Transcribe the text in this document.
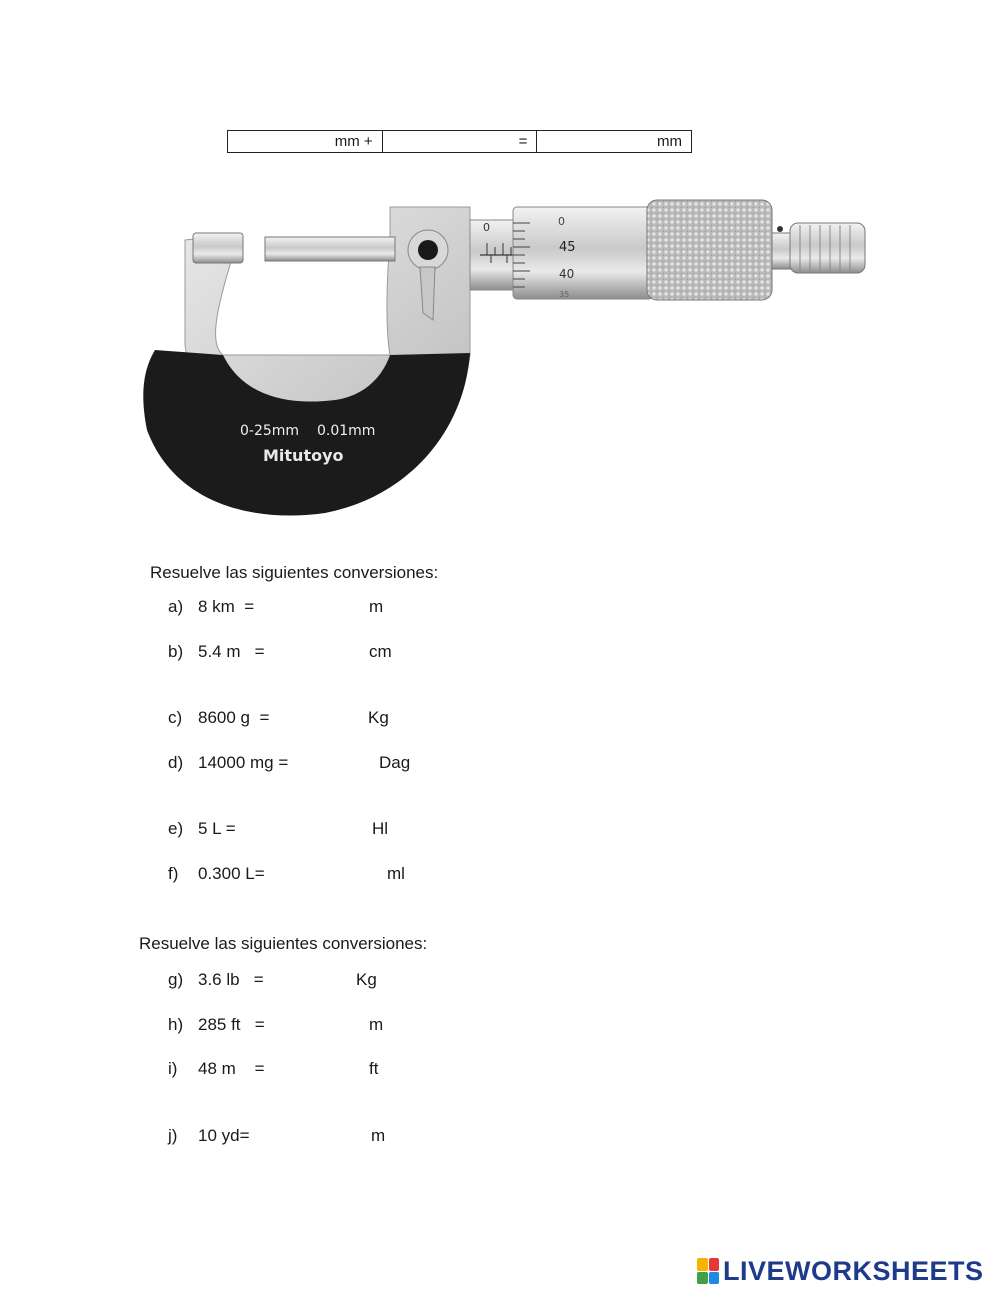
mm +	=	mm
0	0
45
40
35
0-25mm 0.01mm
Mitutoyo
Resuelve las siguientes conversiones:
a) 8 km  =	m
b) 5.4 m   =	cm
c) 8600 g  =	Kg
d) 14000 mg =	Dag
e) 5 L =	Hl
f) 0.300 L=	ml
Resuelve las siguientes conversiones:
g) 3.6 lb   =	Kg
h) 285 ft   =	m
i) 48 m    =	ft
j) 10 yd=	m
LIVEWORKSHEETS
